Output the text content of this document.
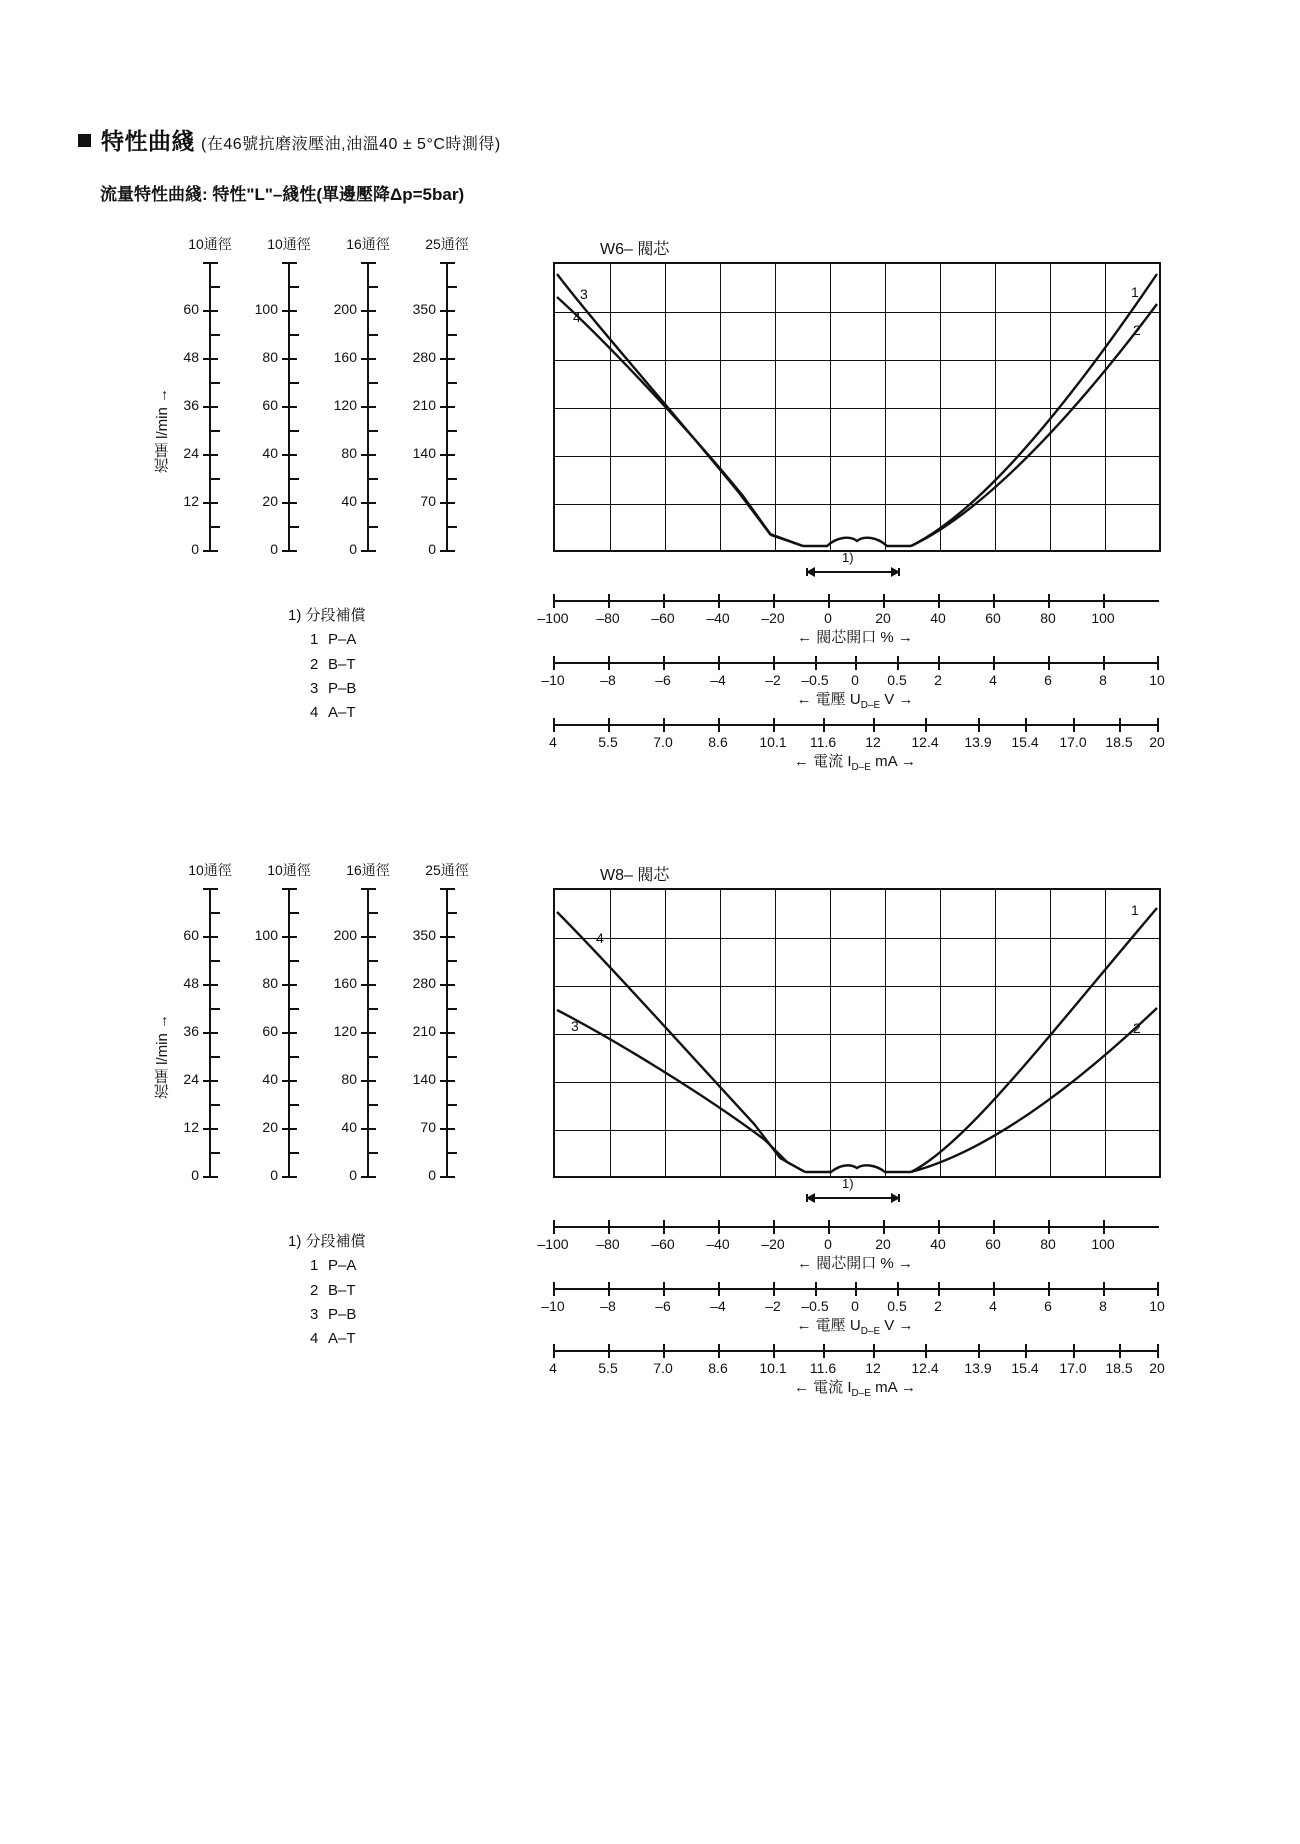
特性曲綫 (在46號抗磨液壓油,油溫40 ± 5°C時測得)
流量特性曲綫: 特性"L"–綫性(單邊壓降Δp=5bar)
流量 l/min →
10通徑
60
48
36
24
12
0
10通徑
100
80
60
40
20
0
16通徑
200
160
120
80
40
0
25通徑
350
280
210
140
70
0
W6– 閥芯
3
4
1
2
1)
–100 –80 –60 –40 –20	0	20	40	60	80	100
← 閥芯開口 % →
–10	–8	–6	–4	–2 –0.5 0 0.5 2	4	6	8	10
← 電壓 $U_{D-E}$ V →
4	5.5	7.0	8.6 10.1 11.6 12 12.4 13.9 15.4 17.0 18.5 20
← 電流 $I_{D-E}$ mA →
1) 分段補償
1 P–A
2 B–T
3 P–B
4 A–T
流量 l/min →
10通徑
60
48
36
24
12
0
10通徑
100
80
60
40
20
0
16通徑
200
160
120
80
40
0
25通徑
350
280
210
140
70
0
W8– 閥芯
4
3
1
2
1)
–100 –80 –60 –40 –20	0	20	40	60	80	100
← 閥芯開口 % →
–10	–8	–6	–4	–2 –0.5 0 0.5 2	4	6	8	10
← 電壓 $U_{D-E}$ V →
4	5.5	7.0	8.6 10.1 11.6 12 12.4 13.9 15.4 17.0 18.5 20
← 電流 $I_{D-E}$ mA →
1) 分段補償
1 P–A
2 B–T
3 P–B
4 A–T
